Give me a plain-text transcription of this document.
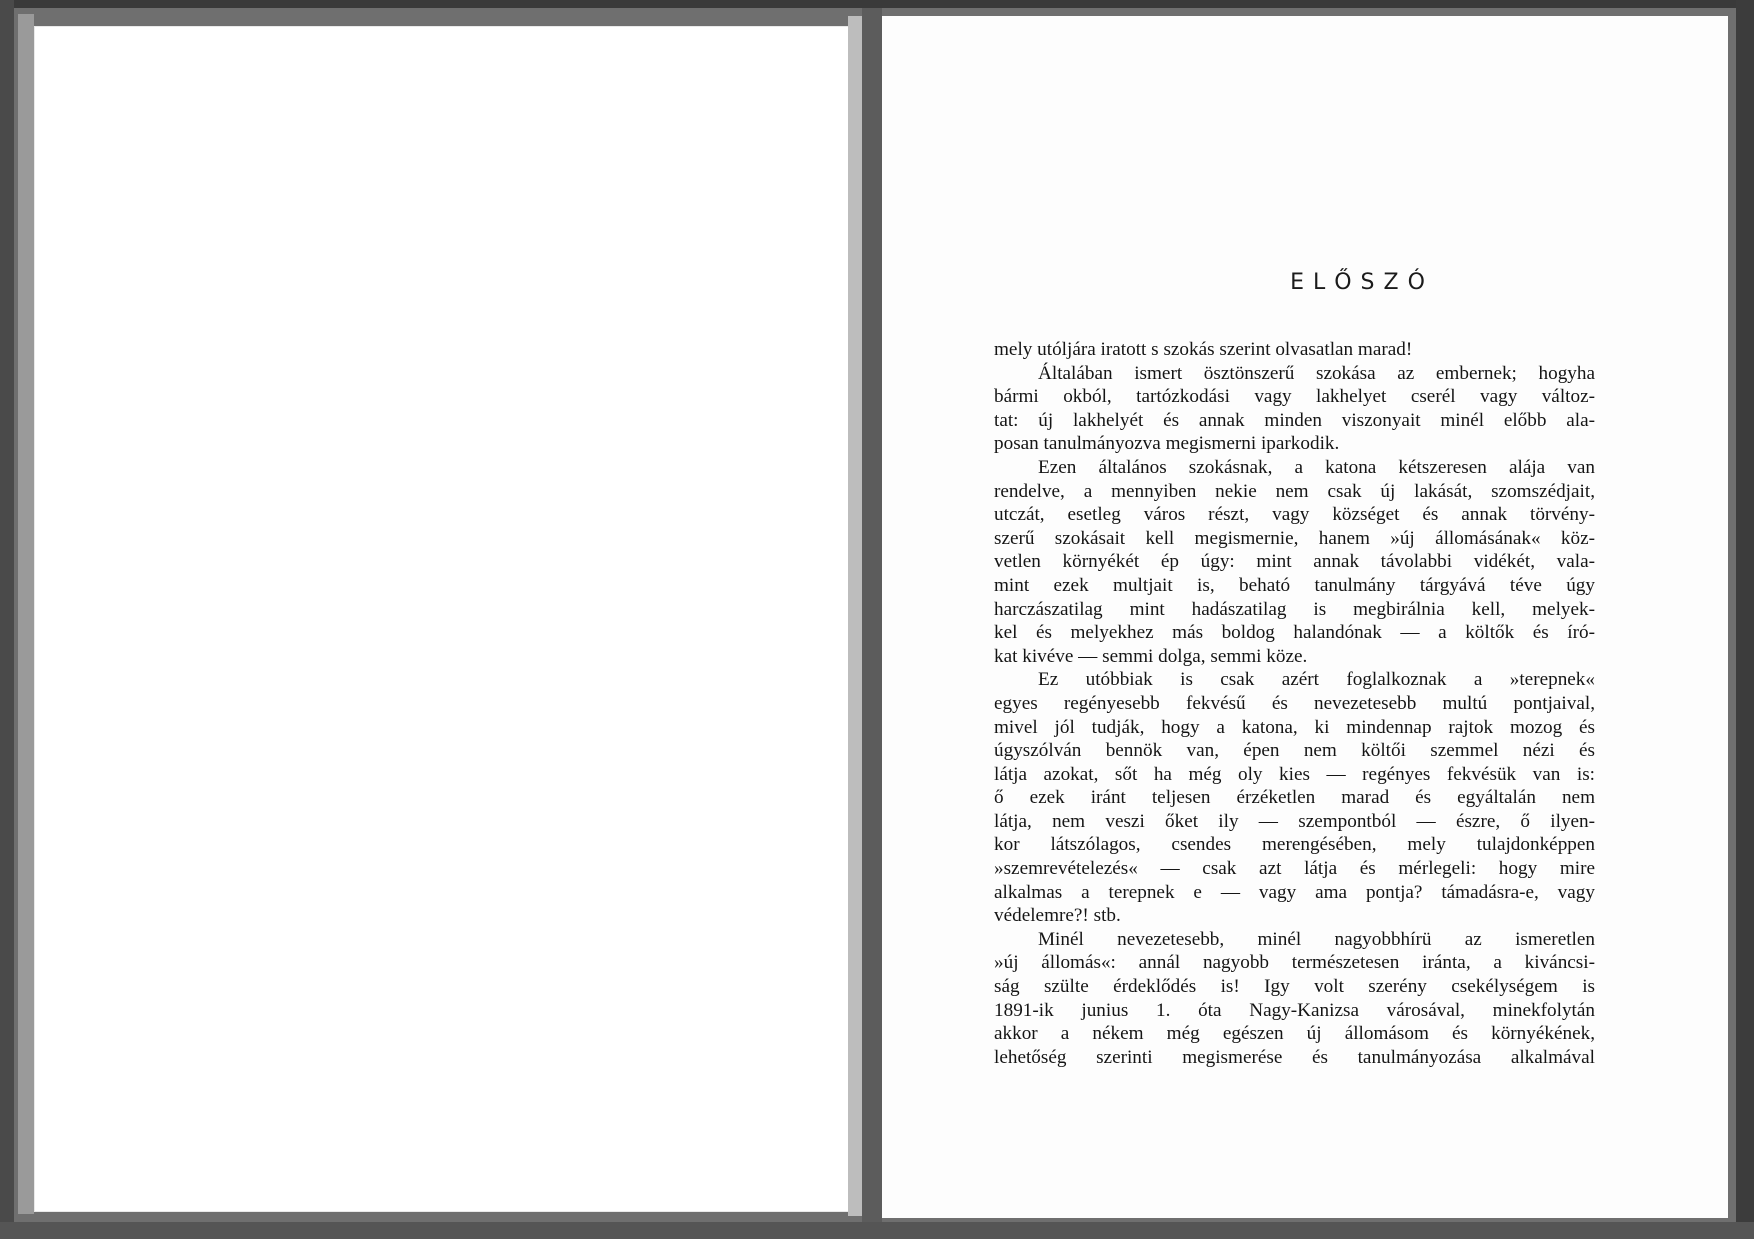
ELŐSZÓ
mely utóljára iratott s szokás szerint olvasatlan marad!
Általában ismert ösztönszerű szokása az embernek; hogyha
bármi okból, tartózkodási vagy lakhelyet cserél vagy változ-
tat: új lakhelyét és annak minden viszonyait minél előbb ala-
posan tanulmányozva megismerni iparkodik.
Ezen általános szokásnak, a katona kétszeresen alája van
rendelve, a mennyiben nekie nem csak új lakását, szomszédjait,
utczát, esetleg város részt, vagy községet és annak törvény-
szerű szokásait kell megismernie, hanem »új állomásának« köz-
vetlen környékét ép úgy: mint annak távolabbi vidékét, vala-
mint ezek multjait is, beható tanulmány tárgyává téve úgy
harczászatilag mint hadászatilag is megbirálnia kell, melyek-
kel és melyekhez más boldog halandónak — a költők és író-
kat kivéve — semmi dolga, semmi köze.
Ez utóbbiak is csak azért foglalkoznak a »terepnek«
egyes regényesebb fekvésű és nevezetesebb multú pontjaival,
mivel jól tudják, hogy a katona, ki mindennap rajtok mozog és
úgyszólván bennök van, épen nem költői szemmel nézi és
látja azokat, sőt ha még oly kies — regényes fekvésük van is:
ő ezek iránt teljesen érzéketlen marad és egyáltalán nem
látja, nem veszi őket ily — szempontból — észre, ő ilyen-
kor látszólagos, csendes merengésében, mely tulajdonképpen
»szemrevételezés« — csak azt látja és mérlegeli: hogy mire
alkalmas a terepnek e — vagy ama pontja? támadásra-e, vagy
védelemre?! stb.
Minél nevezetesebb, minél nagyobbhírü az ismeretlen
»új állomás«: annál nagyobb természetesen iránta, a kiváncsi-
ság szülte érdeklődés is! Igy volt szerény csekélységem is
1891-ik junius 1. óta Nagy-Kanizsa városával, minekfolytán
akkor a nékem még egészen új állomásom és környékének,
lehetőség szerinti megismerése és tanulmányozása alkalmával
